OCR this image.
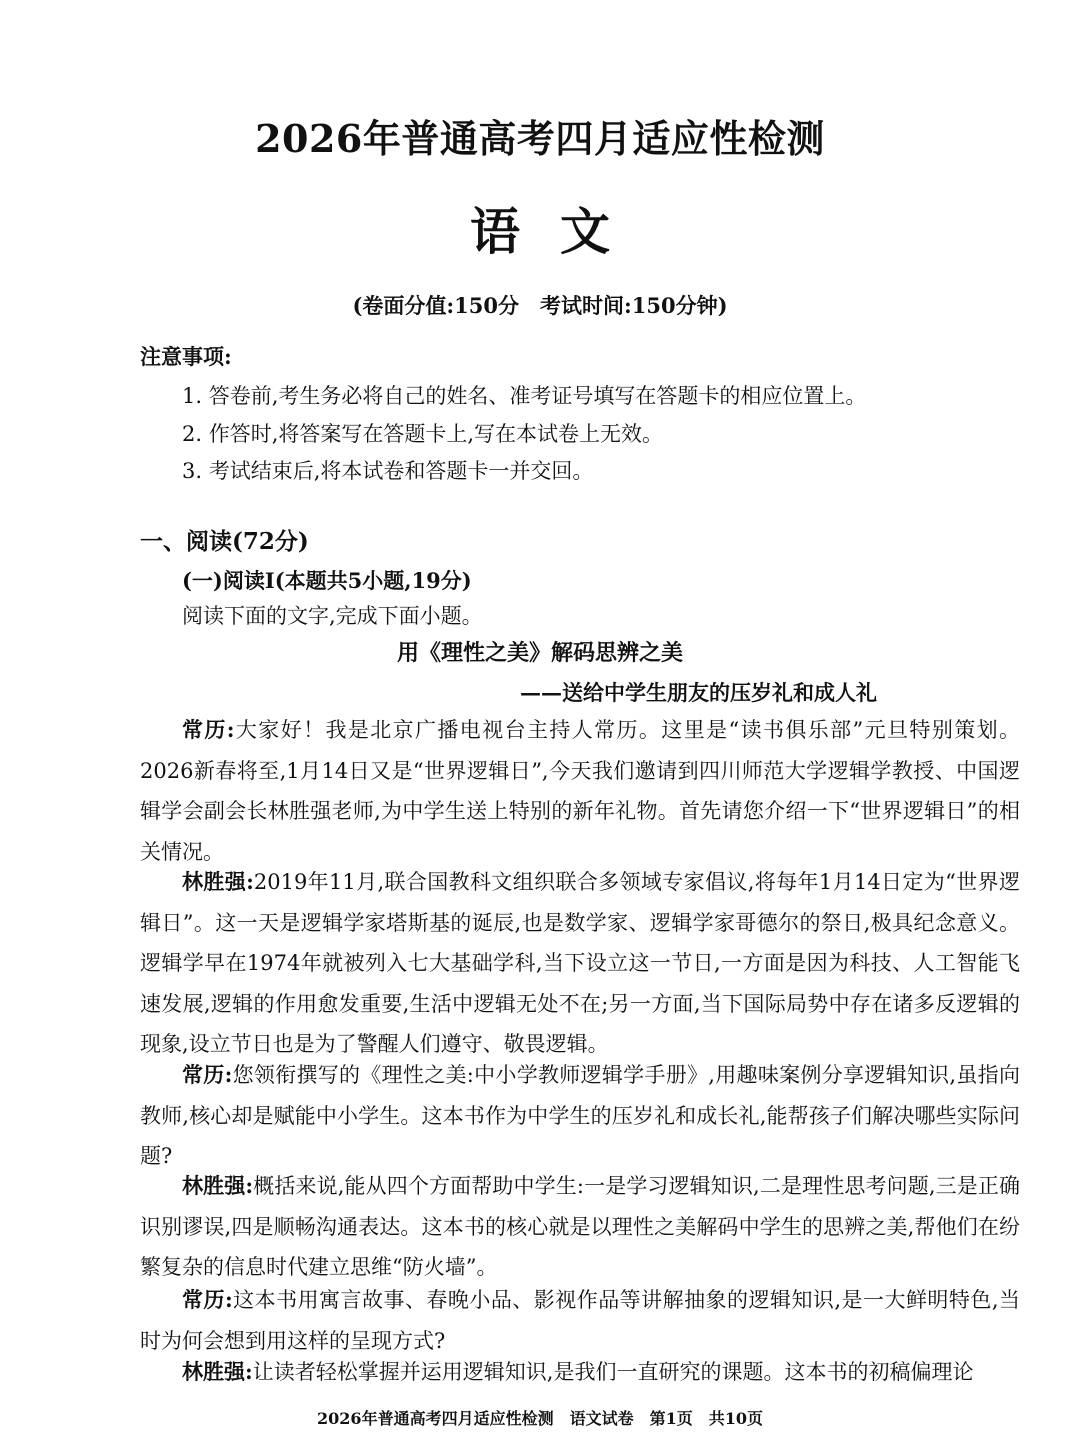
2026年普通高考四月适应性检测
语文
(卷面分值:150分　考试时间:150分钟)
注意事项:
1. 答卷前,考生务必将自己的姓名、准考证号填写在答题卡的相应位置上。
2. 作答时,将答案写在答题卡上,写在本试卷上无效。
3. 考试结束后,将本试卷和答题卡一并交回。
一、阅读(72分)
(一)阅读Ⅰ(本题共5小题,19分)
阅读下面的文字,完成下面小题。
用《理性之美》解码思辨之美
——送给中学生朋友的压岁礼和成人礼

常历:大家好！我是北京广播电视台主持人常历。这里是“读书俱乐部”元旦特别策划。2026新春将至,1月14日又是“世界逻辑日”,今天我们邀请到四川师范大学逻辑学教授、中国逻辑学会副会长林胜强老师,为中学生送上特别的新年礼物。首先请您介绍一下“世界逻辑日”的相关情况。

林胜强:2019年11月,联合国教科文组织联合多领域专家倡议,将每年1月14日定为“世界逻辑日”。这一天是逻辑学家塔斯基的诞辰,也是数学家、逻辑学家哥德尔的祭日,极具纪念意义。逻辑学早在1974年就被列入七大基础学科,当下设立这一节日,一方面是因为科技、人工智能飞速发展,逻辑的作用愈发重要,生活中逻辑无处不在;另一方面,当下国际局势中存在诸多反逻辑的现象,设立节日也是为了警醒人们遵守、敬畏逻辑。

常历:您领衔撰写的《理性之美:中小学教师逻辑学手册》,用趣味案例分享逻辑知识,虽指向教师,核心却是赋能中小学生。这本书作为中学生的压岁礼和成长礼,能帮孩子们解决哪些实际问题?

林胜强:概括来说,能从四个方面帮助中学生:一是学习逻辑知识,二是理性思考问题,三是正确识别谬误,四是顺畅沟通表达。这本书的核心就是以理性之美解码中学生的思辨之美,帮他们在纷繁复杂的信息时代建立思维“防火墙”。

常历:这本书用寓言故事、春晚小品、影视作品等讲解抽象的逻辑知识,是一大鲜明特色,当时为何会想到用这样的呈现方式?

林胜强:让读者轻松掌握并运用逻辑知识,是我们一直研究的课题。这本书的初稿偏理论

2026年普通高考四月适应性检测　语文试卷　第1页　共10页
